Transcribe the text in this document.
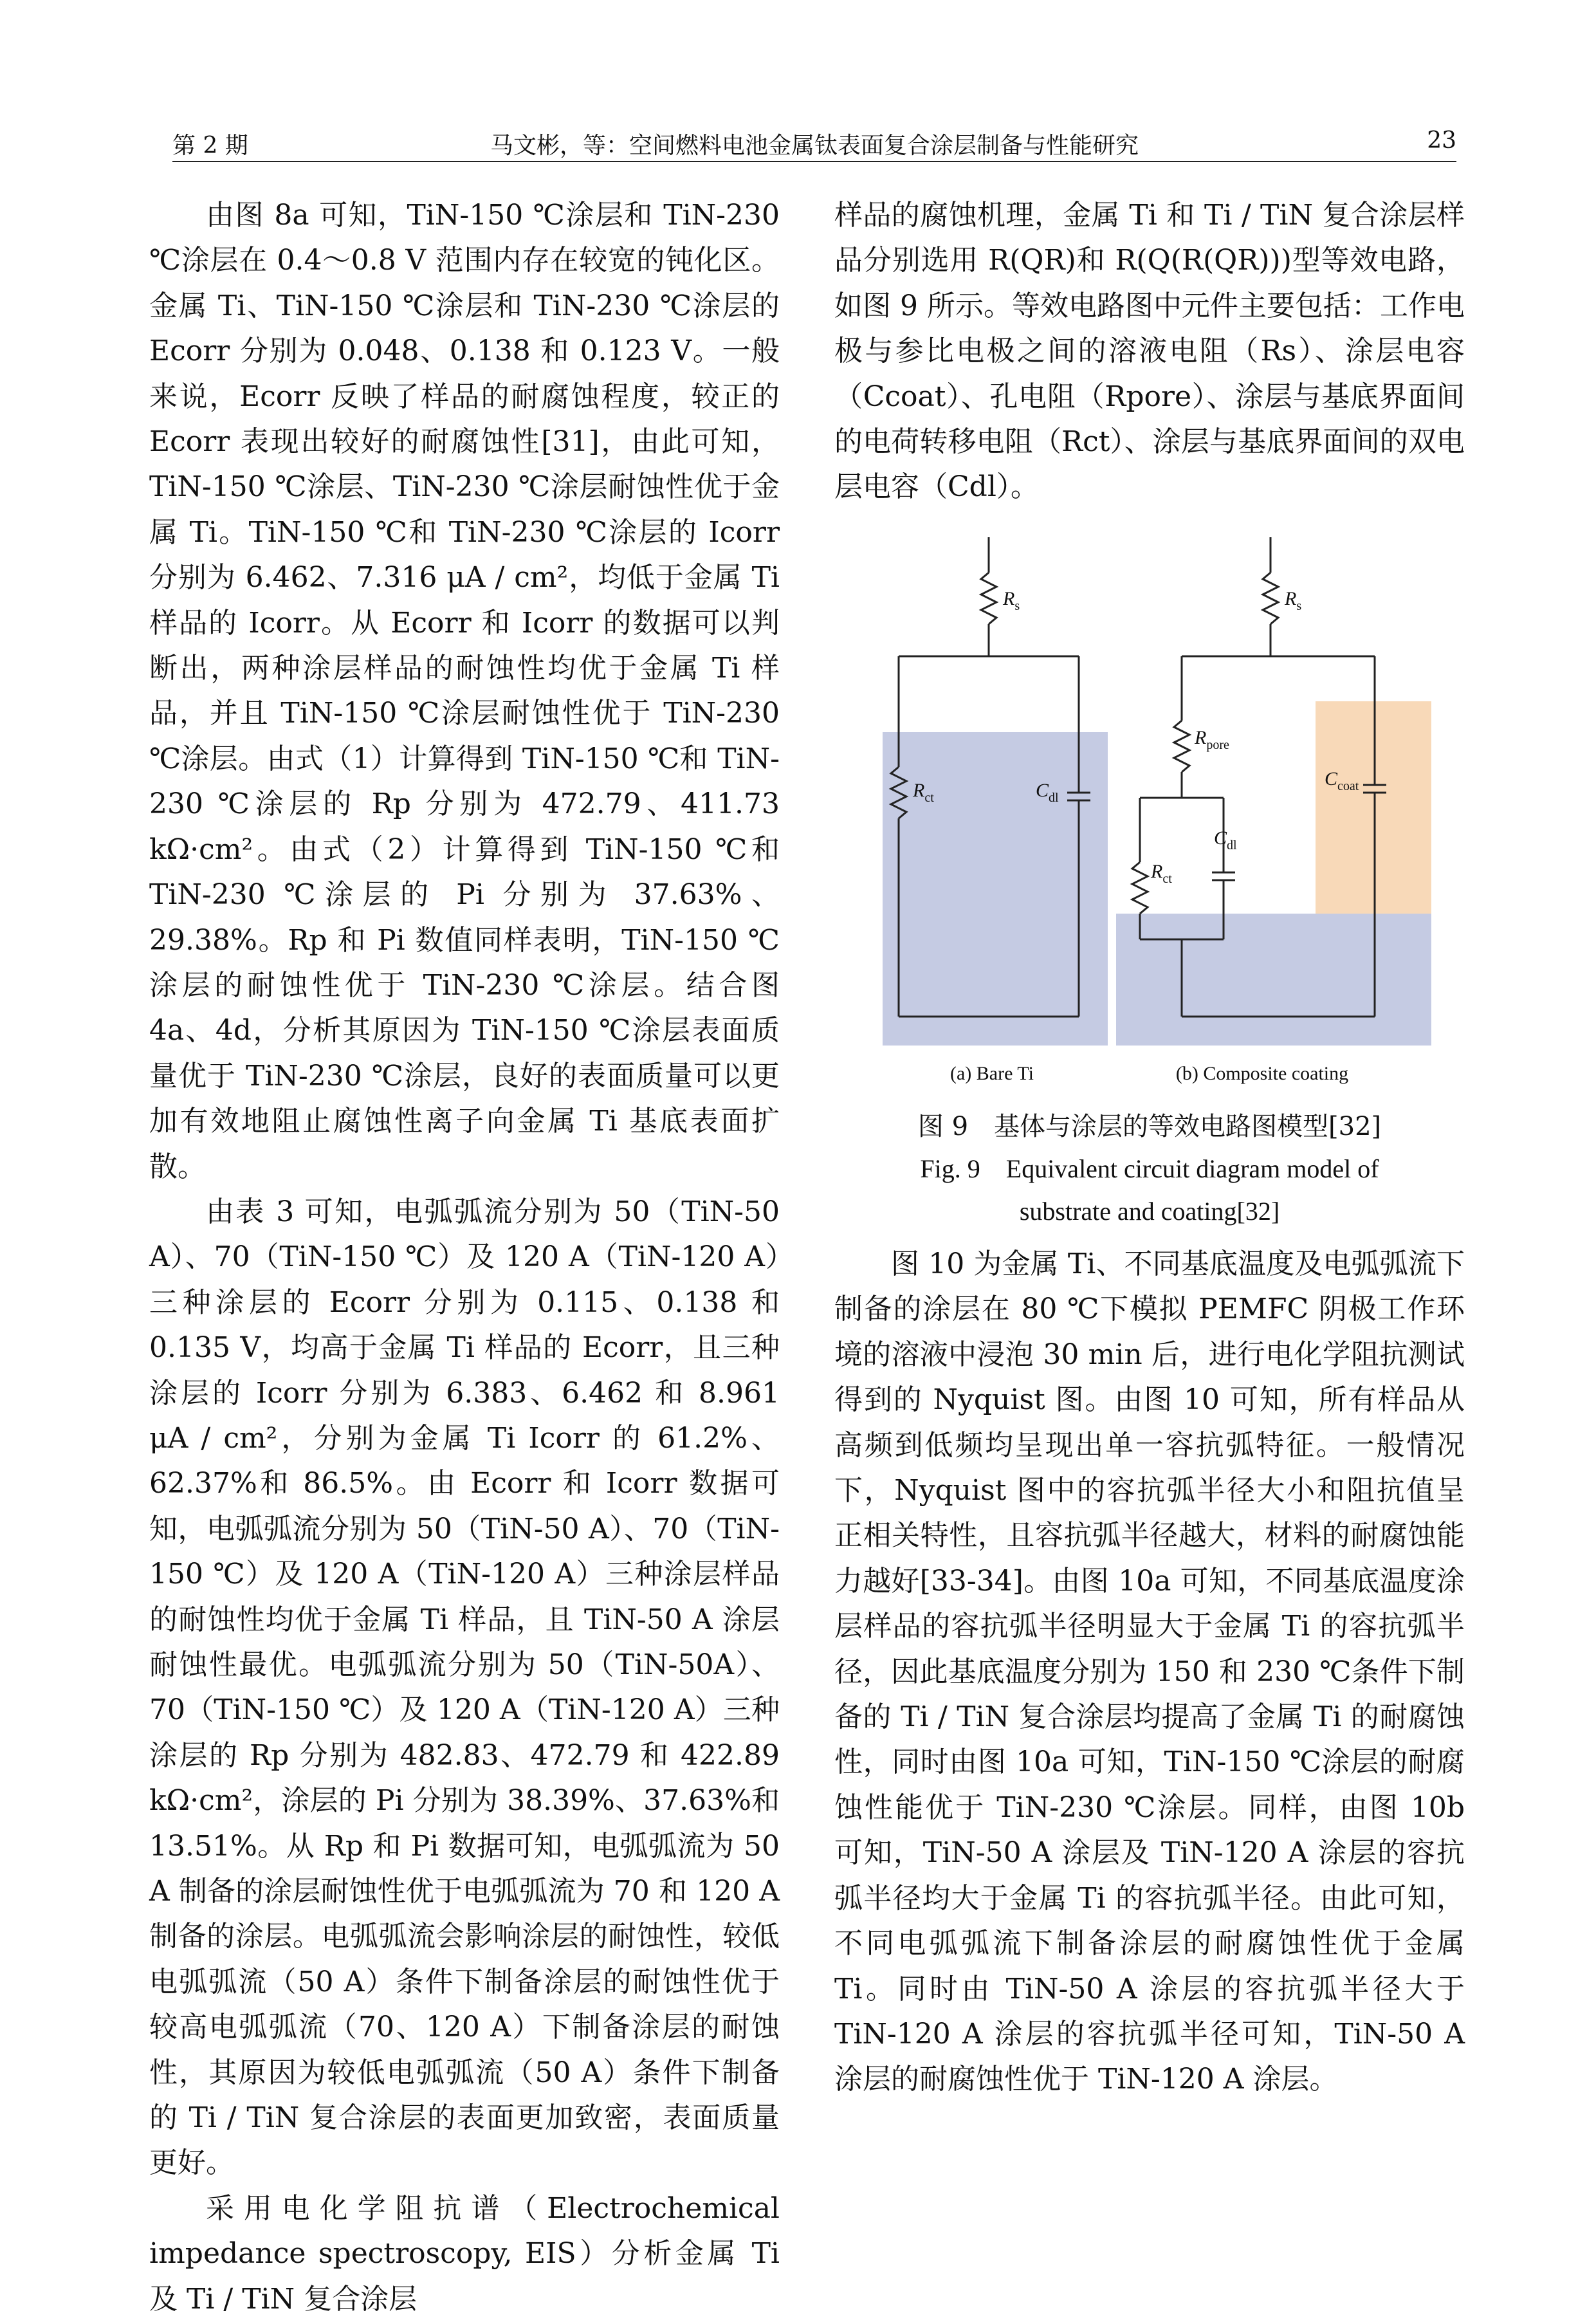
第 2 期	马文彬，等：空间燃料电池金属钛表面复合涂层制备与性能研究	23

由图 8a 可知，TiN-150 ℃涂层和 TiN-230 ℃涂层在 0.4～0.8 V 范围内存在较宽的钝化区。金属 Ti、TiN-150 ℃涂层和 TiN-230 ℃涂层的 Ecorr 分别为 0.048、0.138 和 0.123 V。一般来说，Ecorr 反映了样品的耐腐蚀程度，较正的 Ecorr 表现出较好的耐腐蚀性[31]，由此可知，TiN-150 ℃涂层、TiN-230 ℃涂层耐蚀性优于金属 Ti。TiN-150 ℃和 TiN-230 ℃涂层的 Icorr 分别为 6.462、7.316 μA / cm²，均低于金属 Ti 样品的 Icorr。从 Ecorr 和 Icorr 的数据可以判断出，两种涂层样品的耐蚀性均优于金属 Ti 样品，并且 TiN-150 ℃涂层耐蚀性优于 TiN-230 ℃涂层。由式（1）计算得到 TiN-150 ℃和 TiN-230 ℃涂层的 Rp 分别为 472.79、411.73 kΩ·cm²。由式（2）计算得到 TiN-150 ℃和 TiN-230 ℃涂层的 Pi 分别为 37.63%、29.38%。Rp 和 Pi 数值同样表明，TiN-150 ℃涂层的耐蚀性优于 TiN-230 ℃涂层。结合图 4a、4d，分析其原因为 TiN-150 ℃涂层表面质量优于 TiN-230 ℃涂层，良好的表面质量可以更加有效地阻止腐蚀性离子向金属 Ti 基底表面扩散。

由表 3 可知，电弧弧流分别为 50（TiN-50 A）、70（TiN-150 ℃）及 120 A（TiN-120 A）三种涂层的 Ecorr 分别为 0.115、0.138 和 0.135 V，均高于金属 Ti 样品的 Ecorr，且三种涂层的 Icorr 分别为 6.383、6.462 和 8.961 μA / cm²，分别为金属 Ti Icorr 的 61.2%、62.37%和 86.5%。由 Ecorr 和 Icorr 数据可知，电弧弧流分别为 50（TiN-50 A）、70（TiN-150 ℃）及 120 A（TiN-120 A）三种涂层样品的耐蚀性均优于金属 Ti 样品，且 TiN-50 A 涂层耐蚀性最优。电弧弧流分别为 50（TiN-50A）、70（TiN-150 ℃）及 120 A（TiN-120 A）三种涂层的 Rp 分别为 482.83、472.79 和 422.89 kΩ·cm²，涂层的 Pi 分别为 38.39%、37.63%和 13.51%。从 Rp 和 Pi 数据可知，电弧弧流为 50 A 制备的涂层耐蚀性优于电弧弧流为 70 和 120 A 制备的涂层。电弧弧流会影响涂层的耐蚀性，较低电弧弧流（50 A）条件下制备涂层的耐蚀性优于较高电弧弧流（70、120 A）下制备涂层的耐蚀性，其原因为较低电弧弧流（50 A）条件下制备的 Ti / TiN 复合涂层的表面更加致密，表面质量更好。

采用电化学阻抗谱（Electrochemical impedance spectroscopy, EIS）分析金属 Ti 及 Ti / TiN 复合涂层

样品的腐蚀机理，金属 Ti 和 Ti / TiN 复合涂层样品分别选用 R(QR)和 R(Q(R(QR)))型等效电路，如图 9 所示。等效电路图中元件主要包括：工作电极与参比电极之间的溶液电阻（Rs）、涂层电容（Ccoat）、孔电阻（Rpore）、涂层与基底界面间的电荷转移电阻（Rct）、涂层与基底界面间的双电层电容（Cdl）。

$R_s$	$R_s$
$R_{ct}$	$C_{dl}$
$R_{pore}$
$R_{ct}$
$C_{dl}$
$C_{coat}$
(a) Bare Ti	(b) Composite coating
图 9　基体与涂层的等效电路图模型[32]
Fig. 9　Equivalent circuit diagram model of
substrate and coating[32]

图 10 为金属 Ti、不同基底温度及电弧弧流下制备的涂层在 80 ℃下模拟 PEMFC 阴极工作环境的溶液中浸泡 30 min 后，进行电化学阻抗测试得到的 Nyquist 图。由图 10 可知，所有样品从高频到低频均呈现出单一容抗弧特征。一般情况下，Nyquist 图中的容抗弧半径大小和阻抗值呈正相关特性，且容抗弧半径越大，材料的耐腐蚀能力越好[33-34]。由图 10a 可知，不同基底温度涂层样品的容抗弧半径明显大于金属 Ti 的容抗弧半径，因此基底温度分别为 150 和 230 ℃条件下制备的 Ti / TiN 复合涂层均提高了金属 Ti 的耐腐蚀性，同时由图 10a 可知，TiN-150 ℃涂层的耐腐蚀性能优于 TiN-230 ℃涂层。同样，由图 10b 可知，TiN-50 A 涂层及 TiN-120 A 涂层的容抗弧半径均大于金属 Ti 的容抗弧半径。由此可知，不同电弧弧流下制备涂层的耐腐蚀性优于金属 Ti。同时由 TiN-50 A 涂层的容抗弧半径大于 TiN-120 A 涂层的容抗弧半径可知，TiN-50 A 涂层的耐腐蚀性优于 TiN-120 A 涂层。
